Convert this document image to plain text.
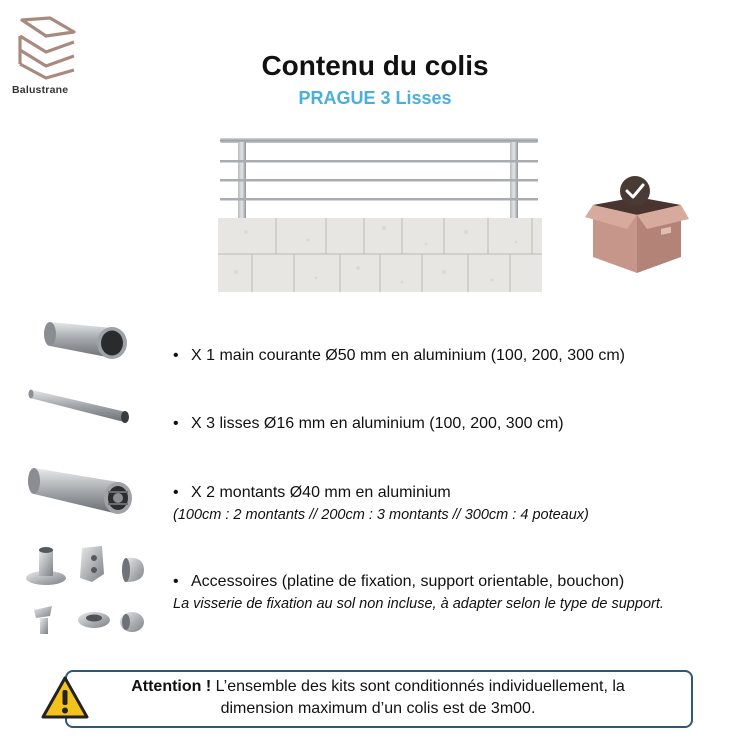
Balustrane
Contenu du colis
PRAGUE 3 Lisses
• X 1 main courante Ø50 mm en aluminium (100, 200, 300 cm)
• X 3 lisses Ø16 mm en aluminium (100, 200, 300 cm)
• X 2 montants Ø40 mm en aluminium
(100cm : 2 montants // 200cm : 3 montants // 300cm : 4 poteaux)
• Accessoires (platine de fixation, support orientable, bouchon)
La visserie de fixation au sol non incluse, à adapter selon le type de support.
Attention ! L’ensemble des kits sont conditionnés individuellement, la
dimension maximum d’un colis est de 3m00.
